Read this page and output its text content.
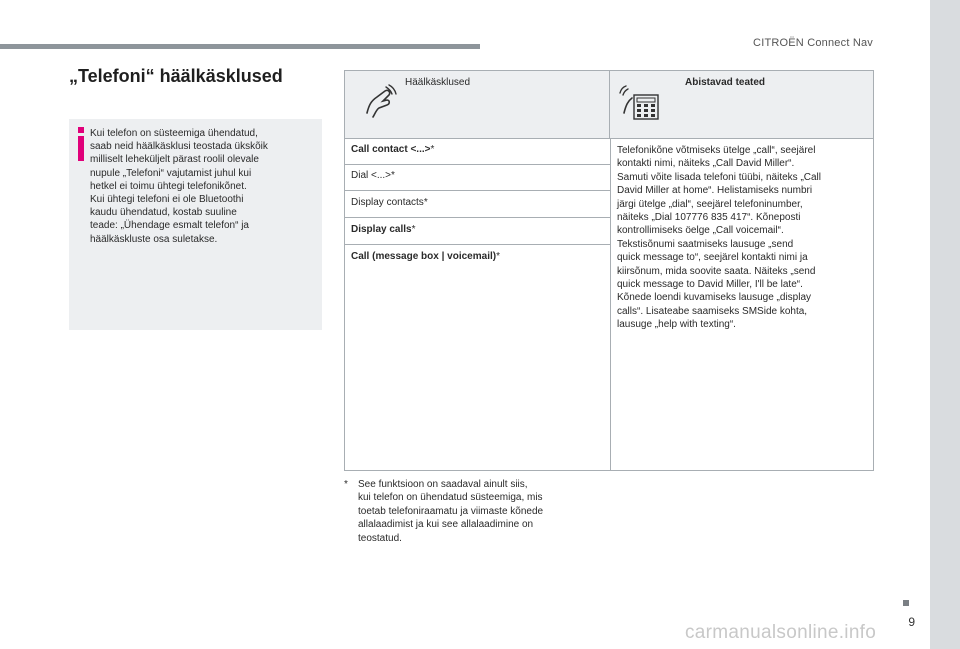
CITROËN Connect Nav
„Telefoni“ häälkäsklused
Kui telefon on süsteemiga ühendatud,
saab neid häälkäsklusi teostada ükskõik
milliselt leheküljelt pärast roolil olevale
nupule „Telefoni“ vajutamist juhul kui
hetkel ei toimu ühtegi telefonikõnet.
Kui ühtegi telefoni ei ole Bluetoothi
kaudu ühendatud, kostab suuline
teade: „Ühendage esmalt telefon“ ja
häälkäskluste osa suletakse.
Häälkäsklused	Abistavad teated
Call contact <...>*
Dial <...>*
Display contacts*
Display calls*
Call (message box | voicemail)*
Telefonikõne võtmiseks ütelge „call“, seejärel
kontakti nimi, näiteks „Call David Miller“.
Samuti võite lisada telefoni tüübi, näiteks „Call
David Miller at home“. Helistamiseks numbri
järgi ütelge „dial“, seejärel telefoninumber,
näiteks „Dial 107776 835 417“. Kõneposti
kontrollimiseks öelge „Call voicemail“.
Tekstisõnumi saatmiseks lausuge „send
quick message to“, seejärel kontakti nimi ja
kiirsõnum, mida soovite saata. Näiteks „send
quick message to David Miller, I'll be late“.
Kõnede loendi kuvamiseks lausuge „display
calls“. Lisateabe saamiseks SMSide kohta,
lausuge „help with texting“.
* See funktsioon on saadaval ainult siis,
kui telefon on ühendatud süsteemiga, mis
toetab telefoniraamatu ja viimaste kõnede
allalaadimist ja kui see allalaadimine on
teostatud.
9
carmanualsonline.info
